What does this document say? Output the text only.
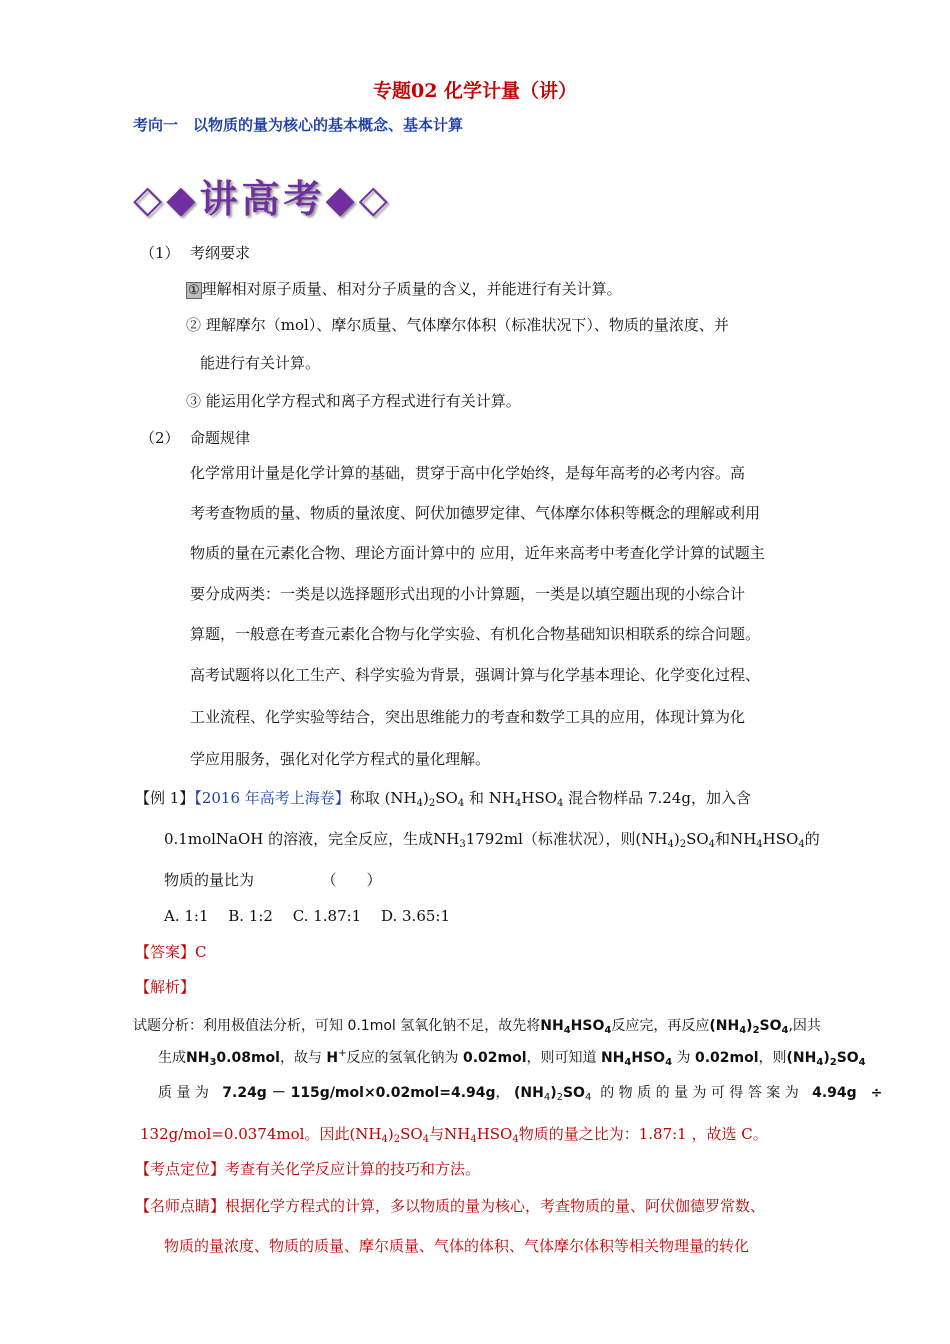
专题02 化学计量（讲）
考向一　以物质的量为核心的基本概念、基本计算
◇◆讲高考◆◇
（1） 考纲要求
① 理解相对原子质量、相对分子质量的含义，并能进行有关计算。
② 理解摩尔（mol）、摩尔质量、气体摩尔体积（标准状况下）、物质的量浓度、并
能进行有关计算。
③ 能运用化学方程式和离子方程式进行有关计算。
（2） 命题规律
化学常用计量是化学计算的基础，贯穿于高中化学始终，是每年高考的必考内容。高
考考查物质的量、物质的量浓度、阿伏加德罗定律、气体摩尔体积等概念的理解或利用
物质的量在元素化合物、理论方面计算中的 应用，近年来高考中考查化学计算的试题主
要分成两类：一类是以选择题形式出现的小计算题，一类是以填空题出现的小综合计
算题，一般意在考查元素化合物与化学实验、有机化合物基础知识相联系的综合问题。
高考试题将以化工生产、科学实验为背景，强调计算与化学基本理论、化学变化过程、
工业流程、化学实验等结合，突出思维能力的考查和数学工具的应用，体现计算为化
学应用服务，强化对化学方程式的量化理解。
【例 1】【2016 年高考上海卷】称取 $(NH_4)_2SO_4$ 和 $NH_4HSO_4$ 混合物样品 7.24g，加入含
0.1molNaOH 的溶液，完全反应，生成$NH_31792ml$（标准状况），则$(NH_4)_2SO_4$和$NH_4HSO_4$的
物质的量比为　　　　　（　　）
A. 1:1　 B. 1:2　 C. 1.87:1　 D. 3.65:1
【答案】C
【解析】
试题分析：利用极值法分析，可知 0.1mol 氢氧化钠不足，故先将$NH_4HSO_4$反应完，再反应$(NH_4)_2SO_4$,因共
生成$NH_30.08mol$，故与 H+反应的氢氧化钠为 0.02mol，则可知道 $NH_4HSO_4$ 为 0.02mol，则$(NH_4)_2SO_4$
质 量 为 7.24g － 115g/mol×0.02mol=4.94g， $(NH_4)_2SO_4$ 的 物 质 的 量 为 可 得 答 案 为 4.94g　÷
132g/mol=0.0374mol。因此$(NH_4)_2SO_4$与$NH_4HSO_4$物质的量之比为：1.87:1 ，故选 C。
【考点定位】考查有关化学反应计算的技巧和方法。
【名师点睛】根据化学方程式的计算，多以物质的量为核心，考查物质的量、阿伏伽德罗常数、
物质的量浓度、物质的质量、摩尔质量、气体的体积、气体摩尔体积等相关物理量的转化
